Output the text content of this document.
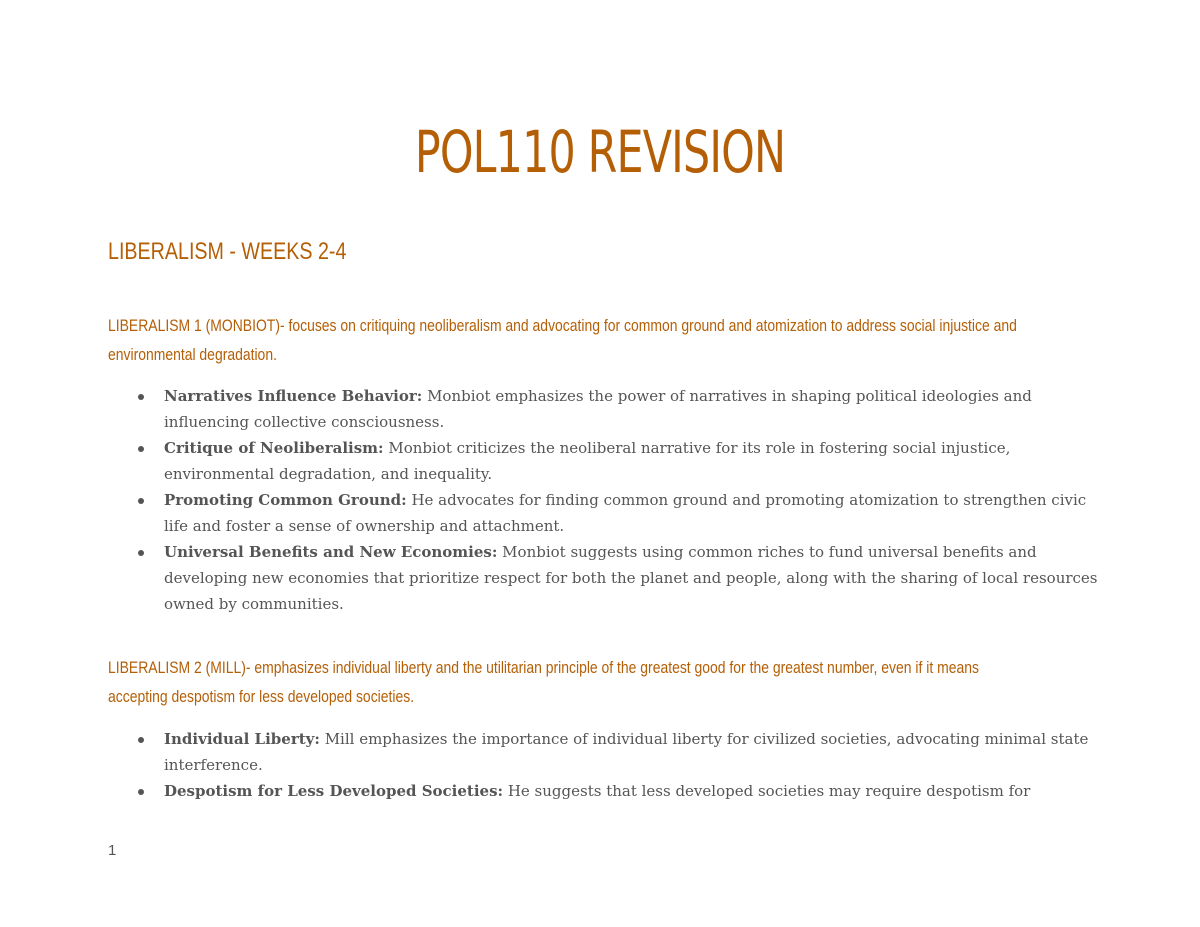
POL110 REVISION
LIBERALISM - WEEKS 2-4
LIBERALISM 1 (MONBIOT)- focuses on critiquing neoliberalism and advocating for common ground and atomization to address social injustice and
environmental degradation.
Narratives Influence Behavior: Monbiot emphasizes the power of narratives in shaping political ideologies and influencing collective consciousness.
Critique of Neoliberalism: Monbiot criticizes the neoliberal narrative for its role in fostering social injustice, environmental degradation, and inequality.
Promoting Common Ground: He advocates for finding common ground and promoting atomization to strengthen civic life and foster a sense of ownership and attachment.
Universal Benefits and New Economies: Monbiot suggests using common riches to fund universal benefits and developing new economies that prioritize respect for both the planet and people, along with the sharing of local resources owned by communities.
LIBERALISM 2 (MILL)- emphasizes individual liberty and the utilitarian principle of the greatest good for the greatest number, even if it means
accepting despotism for less developed societies.
Individual Liberty: Mill emphasizes the importance of individual liberty for civilized societies, advocating minimal state interference.
Despotism for Less Developed Societies: He suggests that less developed societies may require despotism for
1
